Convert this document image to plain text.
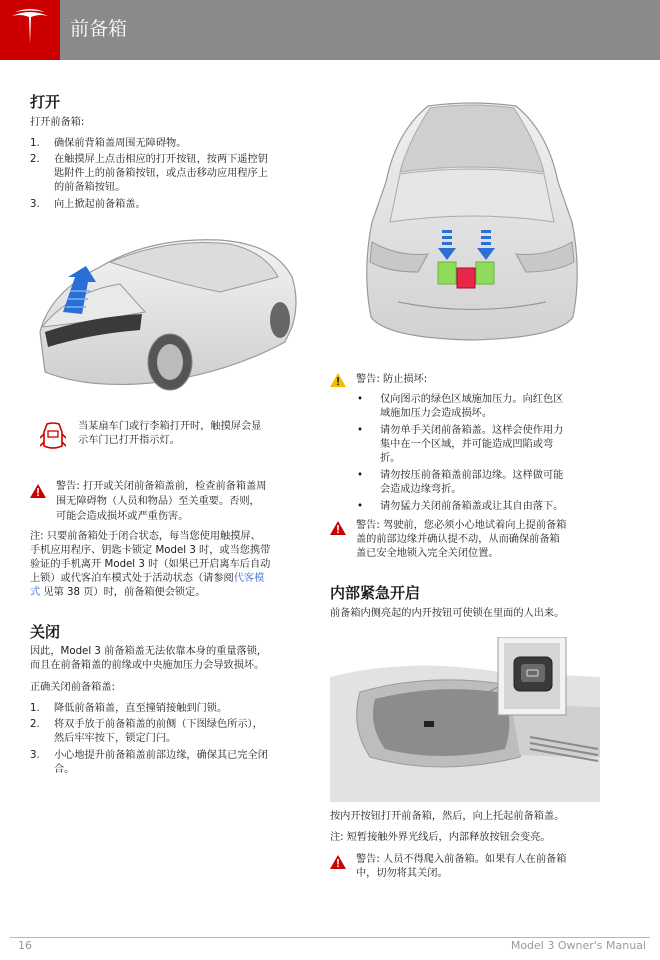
前备箱
打开
打开前备箱:
1. 确保前背箱盖周围无障碍物。
2. 在触摸屏上点击相应的打开按钮，按两下遥控钥
匙附件上的前备箱按钮，或点击移动应用程序上
的前备箱按钮。
3. 向上掀起前备箱盖。
当某扇车门或行李箱打开时，触摸屏会显
示车门已打开指示灯。
警告: 打开或关闭前备箱盖前，检查前备箱盖周
围无障碍物（人员和物品）至关重要。否则，
可能会造成损坏或严重伤害。
注: 只要前备箱处于闭合状态，每当您使用触摸屏、
手机应用程序、钥匙卡锁定 Model 3 时，或当您携带
验证的手机离开 Model 3 时（如果已开启离车后自动
上锁）或代客泊车模式处于活动状态（请参阅代客模
式 见第 38 页）时，前备箱便会锁定。
关闭
因此，Model 3 前备箱盖无法依靠本身的重量落锁，
而且在前备箱盖的前缘或中央施加压力会导致损坏。
正确关闭前备箱盖:
1. 降低前备箱盖，直至撞销接触到门锁。
2. 将双手放于前备箱盖的前侧（下图绿色所示），
然后牢牢按下，锁定门闩。
3. 小心地提升前备箱盖前部边缘，确保其已完全闭
合。
警告: 防止损坏:
• 仅向图示的绿色区域施加压力。向红色区
域施加压力会造成损坏。
• 请勿单手关闭前备箱盖。这样会使作用力
集中在一个区域，并可能造成凹陷或弯
折。
• 请勿按压前备箱盖前部边缘。这样做可能
会造成边缘弯折。
• 请勿猛力关闭前备箱盖或让其自由落下。
警告: 驾驶前，您必须小心地试着向上提前备箱
盖的前部边缘并确认提不动，从而确保前备箱
盖已安全地锁入完全关闭位置。
内部紧急开启
前备箱内侧亮起的内开按钮可使锁在里面的人出来。
按内开按钮打开前备箱，然后，向上托起前备箱盖。
注: 短暂接触外界光线后，内部释放按钮会变亮。
警告: 人员不得爬入前备箱。如果有人在前备箱
中，切勿将其关闭。
16	Model 3 Owner's Manual
